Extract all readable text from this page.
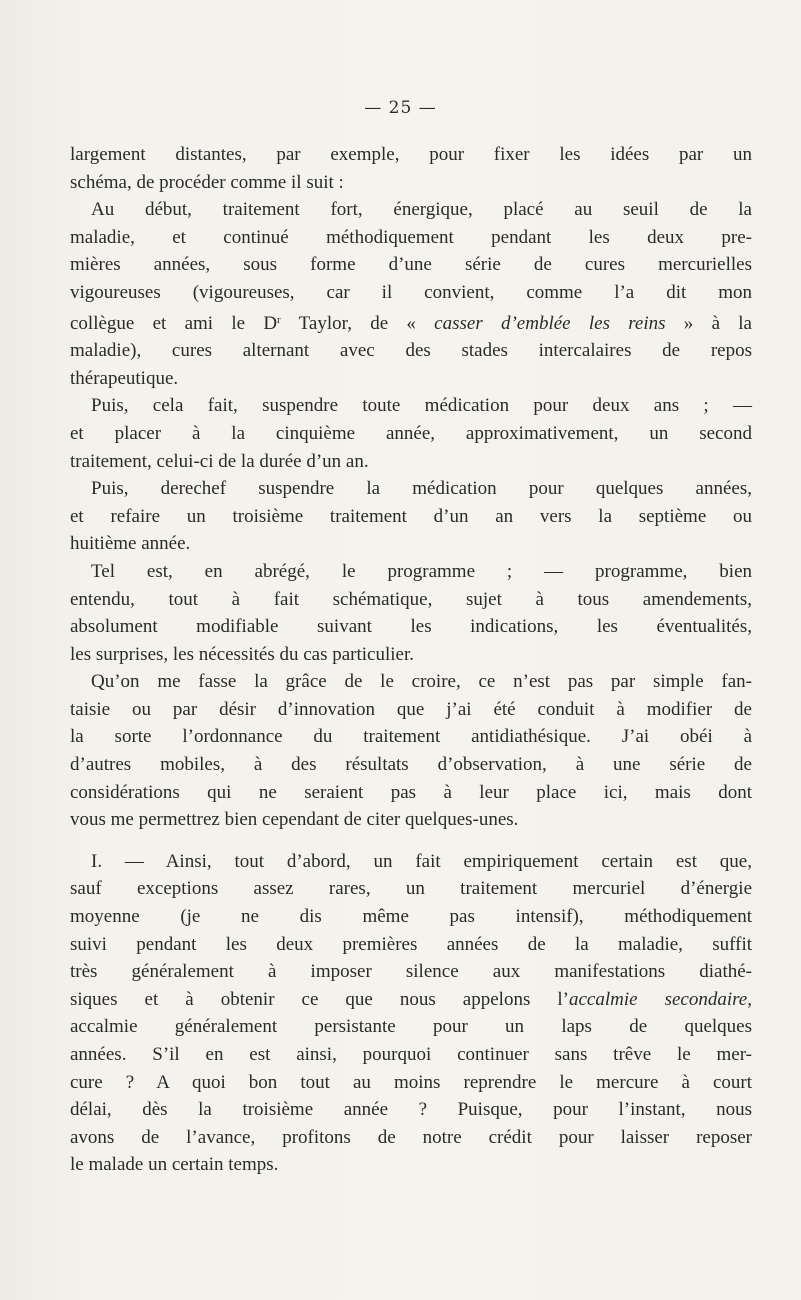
— 25 —

largement distantes, par exemple, pour fixer les idées par un
schéma, de procéder comme il suit :

Au début, traitement fort, énergique, placé au seuil de la
maladie, et continué méthodiquement pendant les deux pre-
mières années, sous forme d’une série de cures mercurielles
vigoureuses (vigoureuses, car il convient, comme l’a dit mon
collègue et ami le $D^r$ Taylor, de « casser d’emblée les reins » à la
maladie), cures alternant avec des stades intercalaires de repos
thérapeutique.

Puis, cela fait, suspendre toute médication pour deux ans ; —
et placer à la cinquième année, approximativement, un second
traitement, celui-ci de la durée d’un an.

Puis, derechef suspendre la médication pour quelques années,
et refaire un troisième traitement d’un an vers la septième ou
huitième année.

Tel est, en abrégé, le programme ; — programme, bien
entendu, tout à fait schématique, sujet à tous amendements,
absolument modifiable suivant les indications, les éventualités,
les surprises, les nécessités du cas particulier.

Qu’on me fasse la grâce de le croire, ce n’est pas par simple fan-
taisie ou par désir d’innovation que j’ai été conduit à modifier de
la sorte l’ordonnance du traitement antidiathésique. J’ai obéi à
d’autres mobiles, à des résultats d’observation, à une série de
considérations qui ne seraient pas à leur place ici, mais dont
vous me permettrez bien cependant de citer quelques-unes.

I. — Ainsi, tout d’abord, un fait empiriquement certain est que,
sauf exceptions assez rares, un traitement mercuriel d’énergie
moyenne (je ne dis même pas intensif), méthodiquement
suivi pendant les deux premières années de la maladie, suffit
très généralement à imposer silence aux manifestations diathé-
siques et à obtenir ce que nous appelons l’accalmie secondaire,
accalmie généralement persistante pour un laps de quelques
années. S’il en est ainsi, pourquoi continuer sans trêve le mer-
cure ? A quoi bon tout au moins reprendre le mercure à court
délai, dès la troisième année ? Puisque, pour l’instant, nous
avons de l’avance, profitons de notre crédit pour laisser reposer
le malade un certain temps.
